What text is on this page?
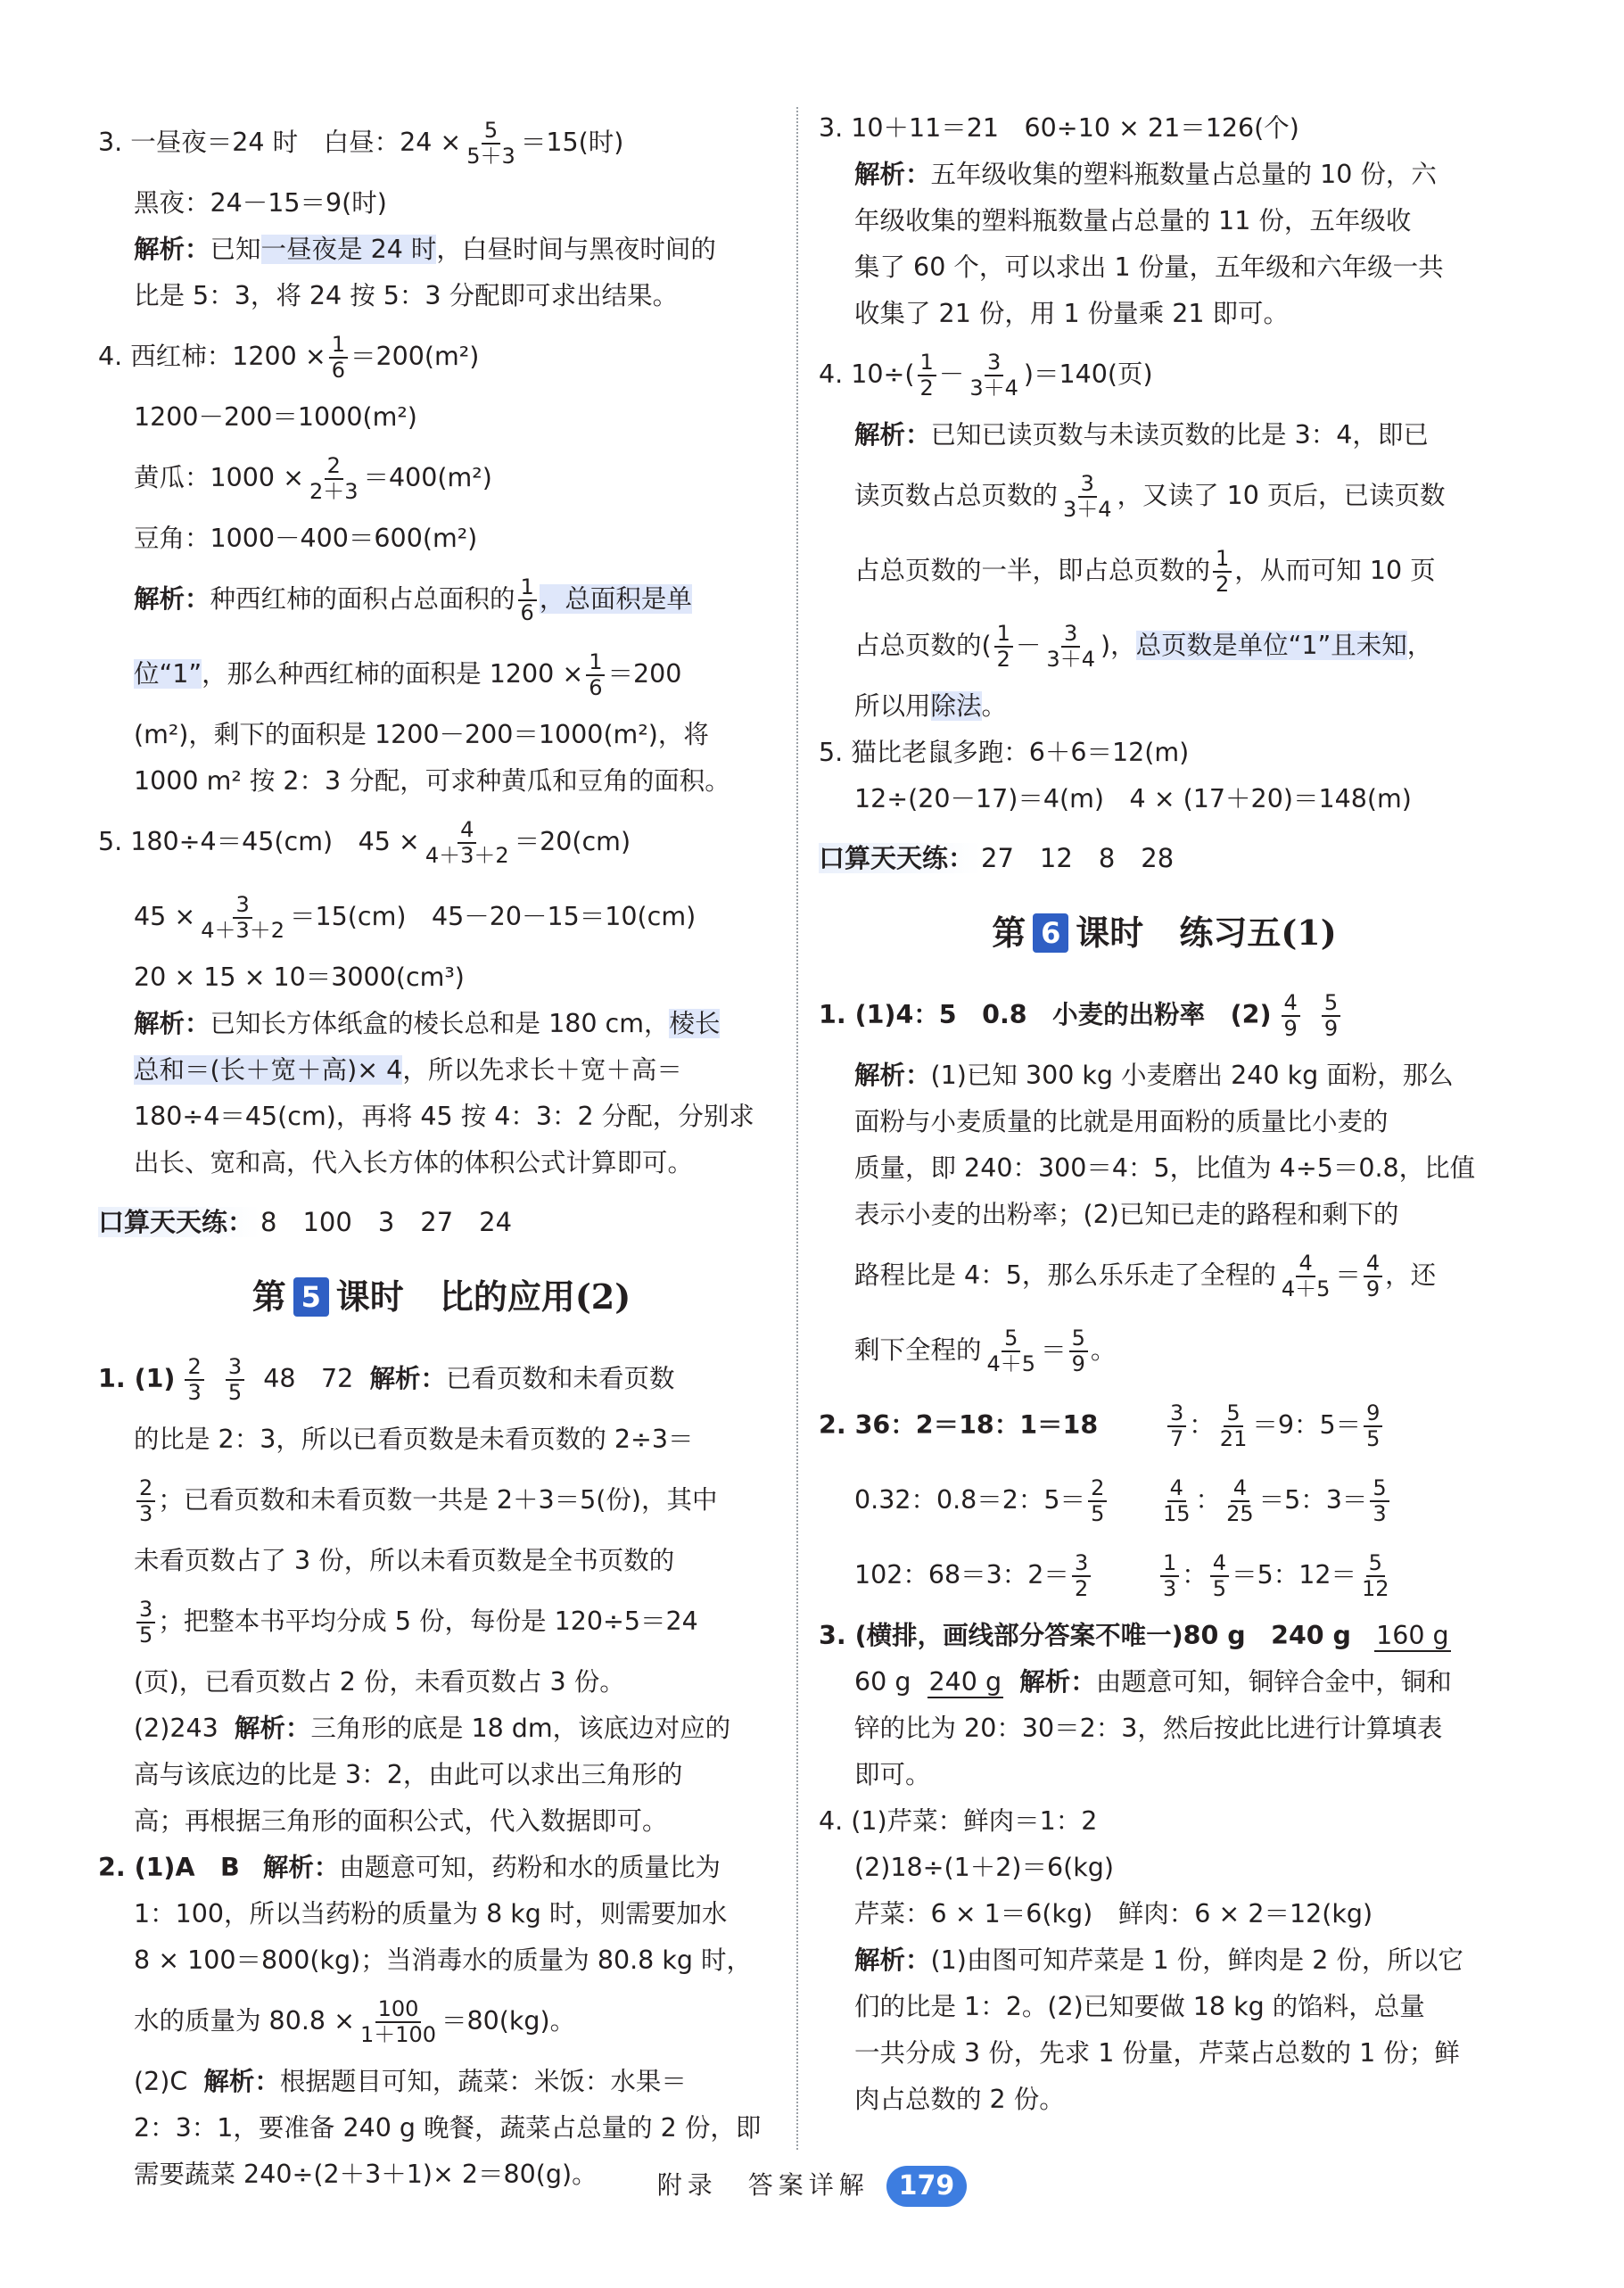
3. 一昼夜＝24 时　白昼：$24 \times \frac{5}{5+3} =15$(时)

黑夜：24－15＝9(时)

解析：已知一昼夜是 24 时，白昼时间与黑夜时间的

比是 5：3，将 24 按 5：3 分配即可求出结果。

4. 西红柿：$1200 \times \frac{1}{6} =200(m^2)$

1200－200＝1000(m²)

黄瓜：$1000 \times \frac{2}{2+3} =400(m^2)$

豆角：1000－400＝600(m²)

解析：种西红柿的面积占总面积的 $\frac{1}{6}$ ，总面积是单

位“1”，那么种西红柿的面积是 $1200 \times \frac{1}{6} =200$

(m²)，剩下的面积是 1200－200＝1000(m²)，将

1000 m² 按 2：3 分配，可求种黄瓜和豆角的面积。

5. 180÷4＝45(cm)　$45 \times \frac{4}{4+3+2} =20(cm)$

$45 \times \frac{3}{4+3+2} =15(cm)$　45－20－15＝10(cm)

20 × 15 × 10＝3000(cm³)

解析：已知长方体纸盒的棱长总和是 180 cm，棱长

总和＝(长＋宽＋高)× 4，所以先求长＋宽＋高＝

180÷4＝45(cm)，再将 45 按 4：3：2 分配，分别求

出长、宽和高，代入长方体的体积公式计算即可。

口算天天练： 8　100　3　27　24

第 5 课时 比的应用(2)

1. $(1) \frac{2}{3}$
$\frac{3}{5} 48$　72 解析：已看页数和未看页数

的比是 2：3，所以已看页数是未看页数的 2÷3＝

$\frac{2}{3}$ ；已看页数和未看页数一共是 2＋3＝5(份)，其中

未看页数占了 3 份，所以未看页数是全书页数的

$\frac{3}{5}$ ；把整本书平均分成 5 份，每份是 120÷5＝24

(页)，已看页数占 2 份，未看页数占 3 份。

(2)243 解析：三角形的底是 18 dm，该底边对应的

高与该底边的比是 3：2，由此可以求出三角形的

高；再根据三角形的面积公式，代入数据即可。

2. (1)A　B 解析：由题意可知，药粉和水的质量比为

1：100，所以当药粉的质量为 8 kg 时，则需要加水

8 × 100＝800(kg)；当消毒水的质量为 80.8 kg 时，

水的质量为 $80.8 \times \frac{100}{1+100} =80(kg)$。

(2)C 解析：根据题目可知，蔬菜：米饭：水果＝

2：3：1，要准备 240 g 晚餐，蔬菜占总量的 2 份，即

需要蔬菜 240÷(2＋3＋1)× 2＝80(g)。

3. 10＋11＝21　60÷10 × 21＝126(个)

解析：五年级收集的塑料瓶数量占总量的 10 份，六

年级收集的塑料瓶数量占总量的 11 份，五年级收

集了 60 个，可以求出 1 份量，五年级和六年级一共

收集了 21 份，用 1 份量乘 21 即可。

4. $10\div( \frac{1}{2} - \frac{3}{3+4} )=140$(页)

解析：已知已读页数与未读页数的比是 3：4，即已

读页数占总页数的 $\frac{3}{3+4}$ ，又读了 10 页后，已读页数

占总页数的一半，即占总页数的 $\frac{1}{2}$ ，从而可知 10 页

占总页数的( $\frac{1}{2} - \frac{3}{3+4}$ )，总页数是单位“1”且未知，

所以用除法。

5. 猫比老鼠多跑：6＋6＝12(m)

12÷(20－17)＝4(m)　4 × (17＋20)＝148(m)

口算天天练： 27　12　8　28

第 6 课时 练习五(1)

1. (1)4：5　0.8　小麦的出粉率　$(2) \frac{4}{9}$
$\frac{5}{9}$

解析：(1)已知 300 kg 小麦磨出 240 kg 面粉，那么

面粉与小麦质量的比就是用面粉的质量比小麦的

质量，即 240：300＝4：5，比值为 4÷5＝0.8，比值

表示小麦的出粉率；(2)已知已走的路程和剩下的

路程比是 4：5，那么乐乐走了全程的 $\frac{4}{4+5} = \frac{4}{9}$ ，还

剩下全程的 $\frac{5}{4+5} = \frac{5}{9}$ 。

2. 36：2＝18：1＝18	$\frac{3}{7}$ ： $\frac{5}{21} =9$：$5= \frac{9}{5}$

0.32：0.8＝2：$5= \frac{2}{5} \frac{4}{15}$ ： $\frac{4}{25} =5$：$3= \frac{5}{3}$

102：68＝3：$2= \frac{3}{2}$	$\frac{1}{3}$ ： $\frac{4}{5} =5$：$12= \frac{5}{12}$

3. (横排，画线部分答案不唯一)80 g　240 g 160 g

60 g 240 g 解析：由题意可知，铜锌合金中，铜和

锌的比为 20：30＝2：3，然后按此比进行计算填表

即可。

4. (1)芹菜：鲜肉＝1：2

(2)18÷(1＋2)＝6(kg)

芹菜：6 × 1＝6(kg)　鲜肉：6 × 2＝12(kg)

解析：(1)由图可知芹菜是 1 份，鲜肉是 2 份，所以它

们的比是 1：2。(2)已知要做 18 kg 的馅料，总量

一共分成 3 份，先求 1 份量，芹菜占总数的 1 份；鲜

肉占总数的 2 份。

附录　答案详解 179
